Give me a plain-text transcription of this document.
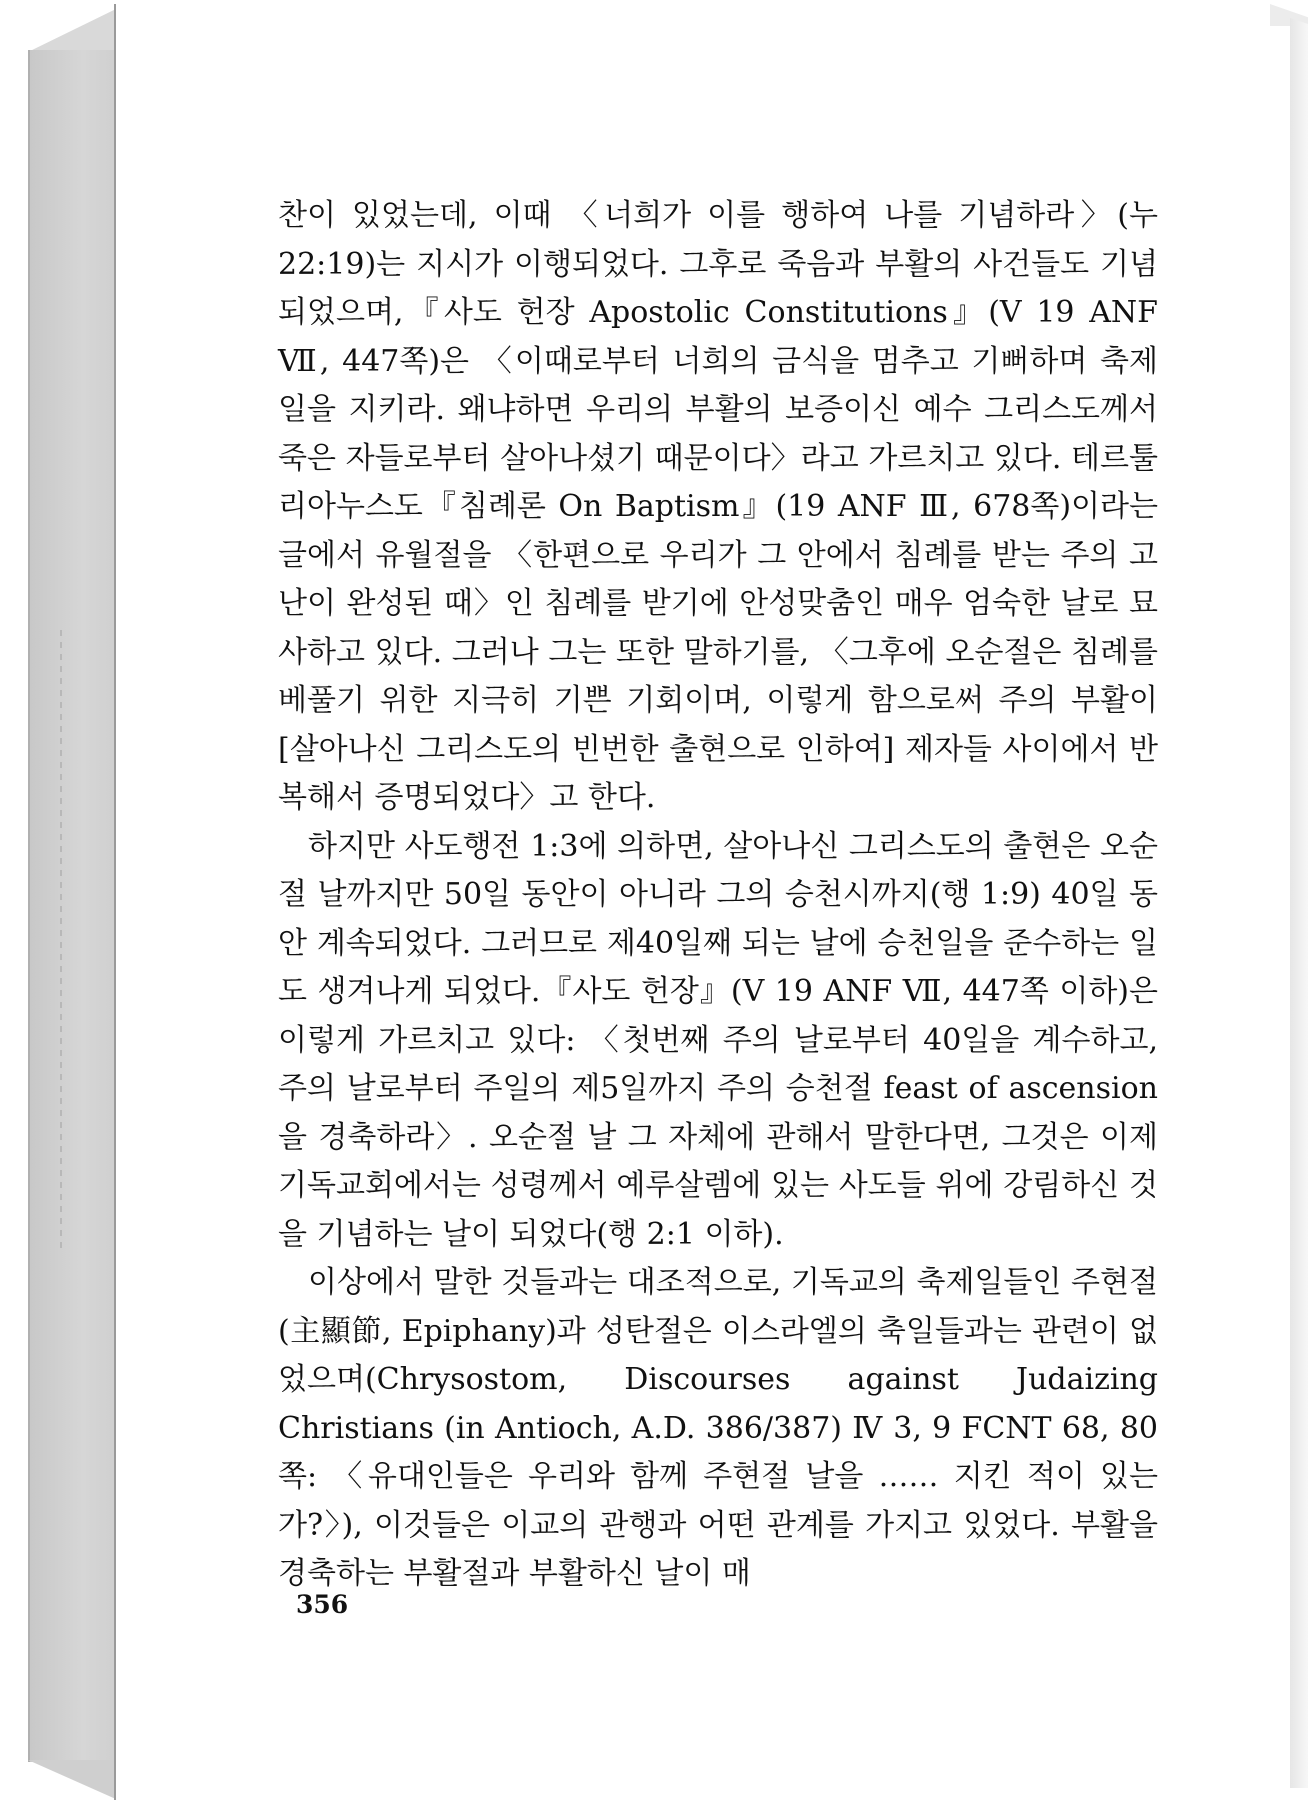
찬이 있었는데, 이때 〈너희가 이를 행하여 나를 기념하라〉(누 22:19)는 지시가 이행되었다. 그후로 죽음과 부활의 사건들도 기념되었으며,『사도 헌장 Apostolic Constitutions』(V 19 ANF Ⅶ, 447쪽)은 〈이때로부터 너희의 금식을 멈추고 기뻐하며 축제일을 지키라. 왜냐하면 우리의 부활의 보증이신 예수 그리스도께서 죽은 자들로부터 살아나셨기 때문이다〉라고 가르치고 있다. 테르툴리아누스도『침례론 On Baptism』(19 ANF Ⅲ, 678쪽)이라는 글에서 유월절을 〈한편으로 우리가 그 안에서 침례를 받는 주의 고난이 완성된 때〉인 침례를 받기에 안성맞춤인 매우 엄숙한 날로 묘사하고 있다. 그러나 그는 또한 말하기를, 〈그후에 오순절은 침례를 베풀기 위한 지극히 기쁜 기회이며, 이렇게 함으로써 주의 부활이 [살아나신 그리스도의 빈번한 출현으로 인하여] 제자들 사이에서 반복해서 증명되었다〉고 한다.

하지만 사도행전 1:3에 의하면, 살아나신 그리스도의 출현은 오순절 날까지만 50일 동안이 아니라 그의 승천시까지(행 1:9) 40일 동안 계속되었다. 그러므로 제40일째 되는 날에 승천일을 준수하는 일도 생겨나게 되었다.『사도 헌장』(V 19 ANF Ⅶ, 447쪽 이하)은 이렇게 가르치고 있다: 〈첫번째 주의 날로부터 40일을 계수하고, 주의 날로부터 주일의 제5일까지 주의 승천절 feast of ascension을 경축하라〉. 오순절 날 그 자체에 관해서 말한다면, 그것은 이제 기독교회에서는 성령께서 예루살렘에 있는 사도들 위에 강림하신 것을 기념하는 날이 되었다(행 2:1 이하).

이상에서 말한 것들과는 대조적으로, 기독교의 축제일들인 주현절(主顯節, Epiphany)과 성탄절은 이스라엘의 축일들과는 관련이 없었으며(Chrysostom, Discourses against Judaizing Christians (in Antioch, A.D. 386/387) Ⅳ 3, 9 FCNT 68, 80쪽: 〈유대인들은 우리와 함께 주현절 날을 …… 지킨 적이 있는가?〉), 이것들은 이교의 관행과 어떤 관계를 가지고 있었다. 부활을 경축하는 부활절과 부활하신 날이 매

356
